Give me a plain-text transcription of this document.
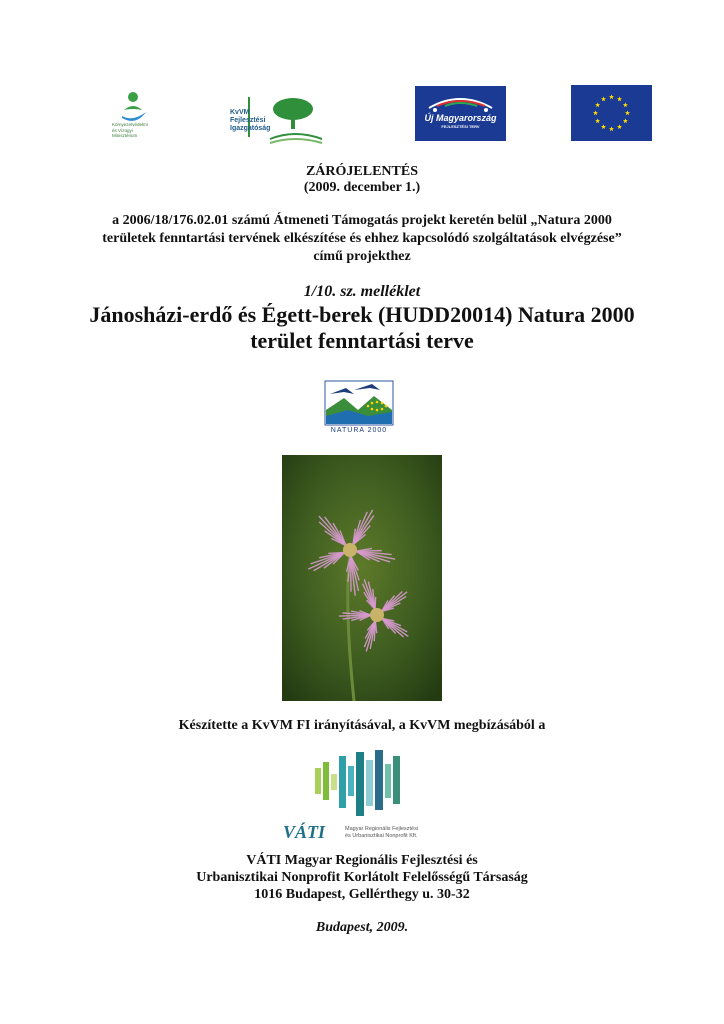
Környezetvédelmi
és Vízügyi
Minisztérium
KvVM
Fejlesztési
Igazgatóság
Új Magyarország
FEJLESZTÉSI TERV
ZÁRÓJELENTÉS
(2009. december 1.)
a 2006/18/176.02.01 számú Átmeneti Támogatás projekt keretén belül „Natura 2000
területek fenntartási tervének elkészítése és ehhez kapcsolódó szolgáltatások elvégzése”
című projekthez
1/10. sz. melléklet
Jánosházi-erdő és Égett-berek (HUDD20014) Natura 2000
terület fenntartási terve
NATURA 2000
Készítette a KvVM FI irányításával, a KvVM megbízásából a
VÁTI	Magyar Regionális Fejlesztési
és Urbanisztikai Nonprofit Kft.
VÁTI Magyar Regionális Fejlesztési és
Urbanisztikai Nonprofit Korlátolt Felelősségű Társaság
1016 Budapest, Gellérthegy u. 30-32
Budapest, 2009.
